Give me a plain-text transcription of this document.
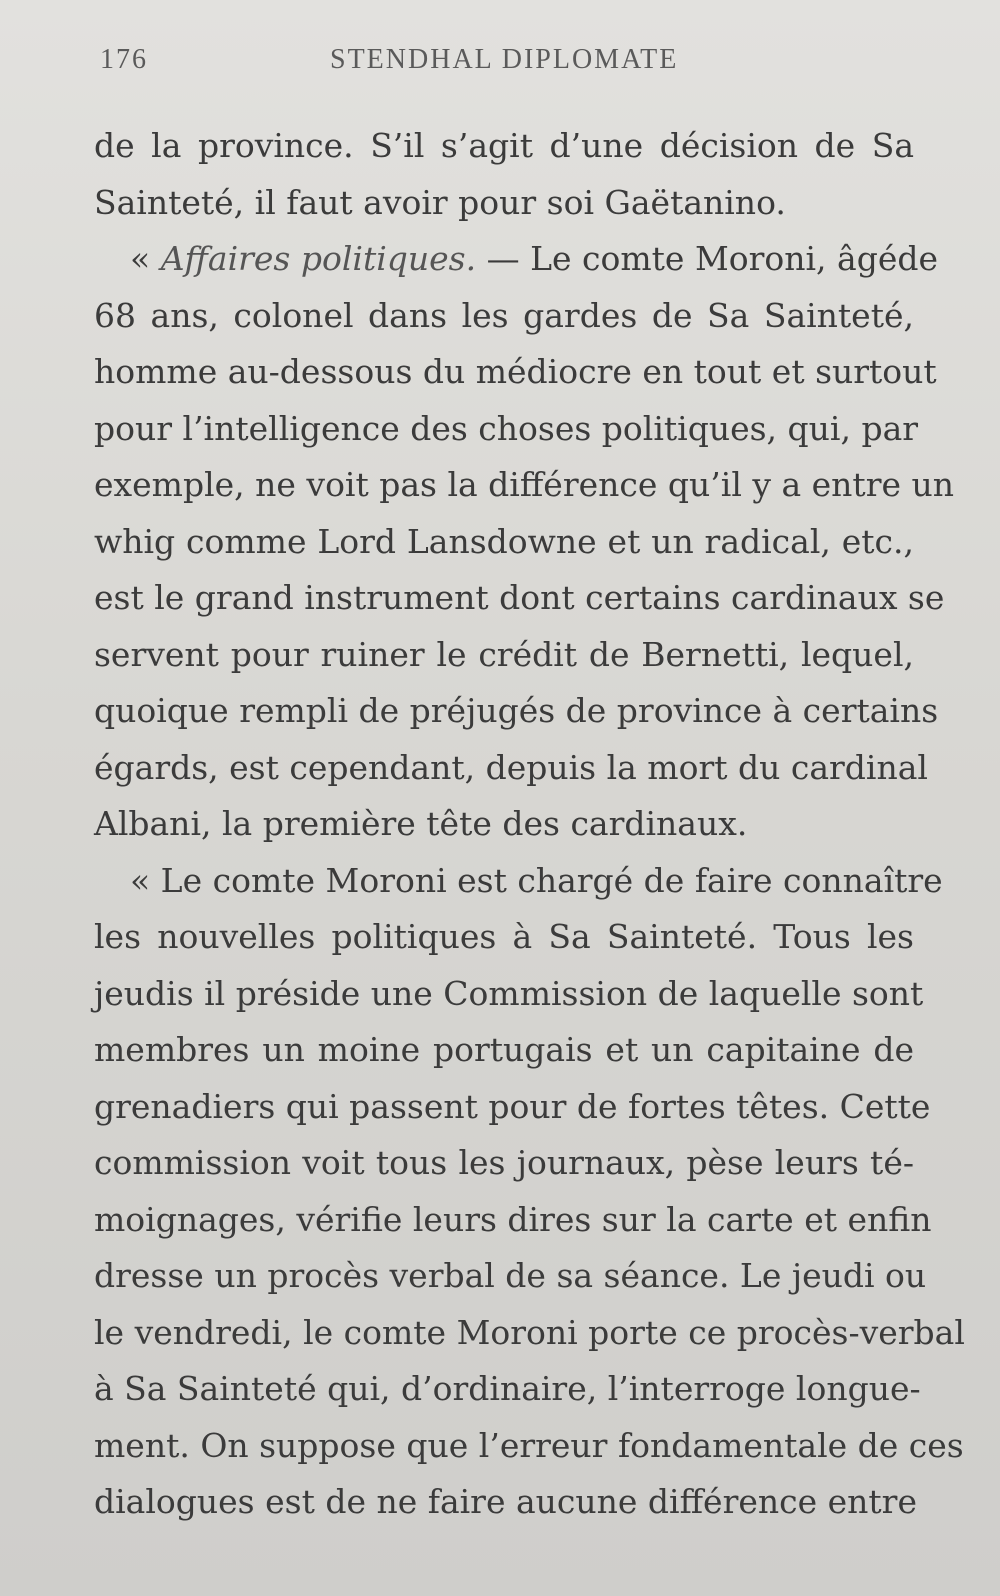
176	STENDHAL DIPLOMATE
de la province. S’il s’agit d’une décision de Sa
Sainteté, il faut avoir pour soi Gaëtanino.
« Affaires politiques. — Le comte Moroni, âgéde
68 ans, colonel dans les gardes de Sa Sainteté,
homme au-dessous du médiocre en tout et surtout
pour l’intelligence des choses politiques, qui, par
exemple, ne voit pas la différence qu’il y a entre un
whig comme Lord Lansdowne et un radical, etc.,
est le grand instrument dont certains cardinaux se
servent pour ruiner le crédit de Bernetti, lequel,
quoique rempli de préjugés de province à certains
égards, est cependant, depuis la mort du cardinal
Albani, la première tête des cardinaux.
« Le comte Moroni est chargé de faire connaître
les nouvelles politiques à Sa Sainteté. Tous les
jeudis il préside une Commission de laquelle sont
membres un moine portugais et un capitaine de
grenadiers qui passent pour de fortes têtes. Cette
commission voit tous les journaux, pèse leurs té-
moignages, vérifie leurs dires sur la carte et enfin
dresse un procès verbal de sa séance. Le jeudi ou
le vendredi, le comte Moroni porte ce procès-verbal
à Sa Sainteté qui, d’ordinaire, l’interroge longue-
ment. On suppose que l’erreur fondamentale de ces
dialogues est de ne faire aucune différence entre
